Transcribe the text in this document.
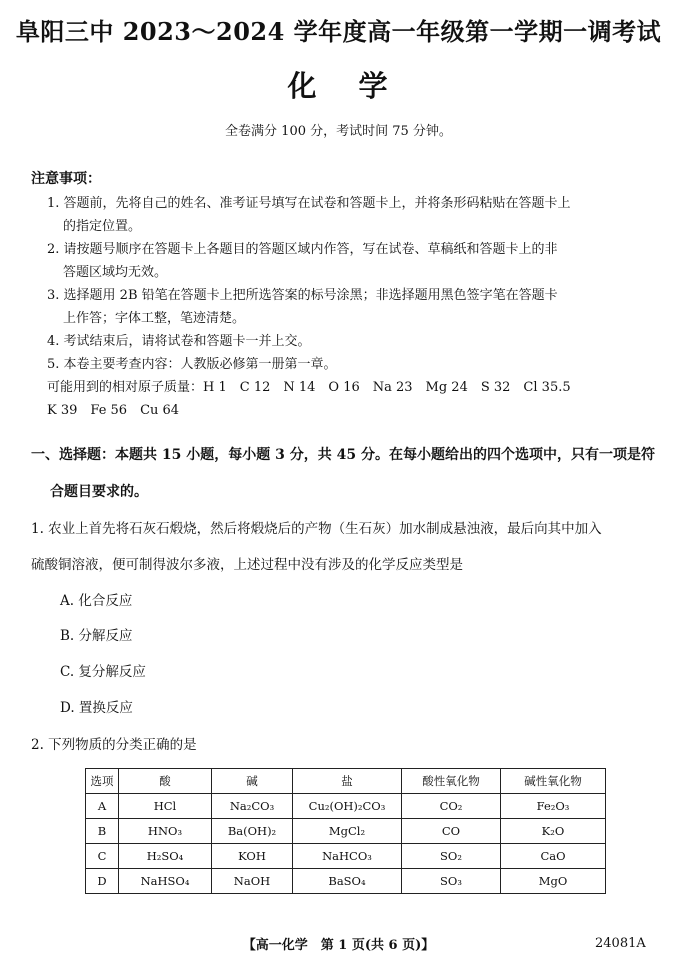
阜阳三中 2023～2024 学年度高一年级第一学期一调考试
化 学
全卷满分 100 分，考试时间 75 分钟。
注意事项：
1. 答题前，先将自己的姓名、准考证号填写在试卷和答题卡上，并将条形码粘贴在答题卡上
的指定位置。
2. 请按题号顺序在答题卡上各题目的答题区域内作答，写在试卷、草稿纸和答题卡上的非
答题区域均无效。
3. 选择题用 2B 铅笔在答题卡上把所选答案的标号涂黑；非选择题用黑色签字笔在答题卡
上作答；字体工整，笔迹清楚。
4. 考试结束后，请将试卷和答题卡一并上交。
5. 本卷主要考查内容：人教版必修第一册第一章。
可能用到的相对原子质量：H 1　C 12　N 14　O 16　Na 23　Mg 24　S 32　Cl 35.5
K 39　Fe 56　Cu 64
一、选择题：本题共 15 小题，每小题 3 分，共 45 分。在每小题给出的四个选项中，只有一项是符
合题目要求的。
1. 农业上首先将石灰石煅烧，然后将煅烧后的产物（生石灰）加水制成悬浊液，最后向其中加入
硫酸铜溶液，便可制得波尔多液，上述过程中没有涉及的化学反应类型是
A. 化合反应
B. 分解反应
C. 复分解反应
D. 置换反应
2. 下列物质的分类正确的是
选项	酸	碱	盐	酸性氧化物	碱性氧化物
A	HCl	Na₂CO₃	Cu₂(OH)₂CO₃	CO₂	Fe₂O₃
B	HNO₃	Ba(OH)₂	MgCl₂	CO	K₂O
C	H₂SO₄	KOH	NaHCO₃	SO₂	CaO
D	NaHSO₄	NaOH	BaSO₄	SO₃	MgO
【高一化学　第 1 页(共 6 页)】	24081A
